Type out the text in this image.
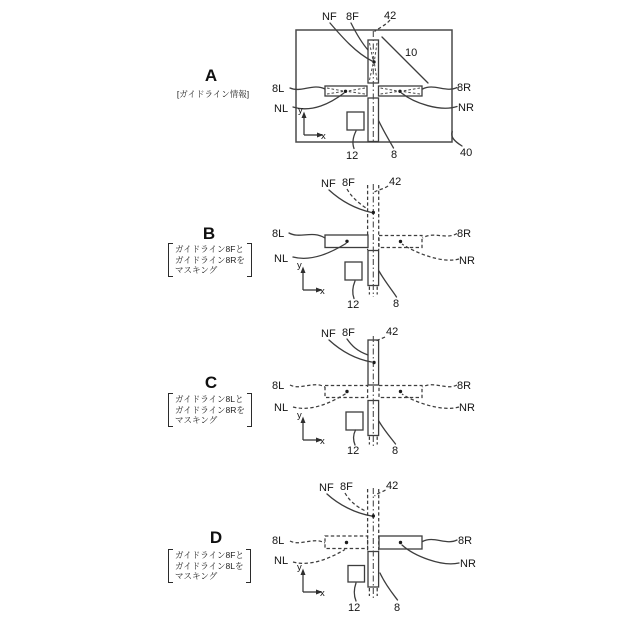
A
B
C
D
[ガイドライン情報]
ガイドライン8Fと
ガイドライン8Rを
マスキング
ガイドライン8Lと
ガイドライン8Rを
マスキング
ガイドライン8Fと
ガイドライン8Lを
マスキング
NF 8F 42
10
8L
NL
8R
NR
12	8	40
y
x
NF 8F	42
8L
NL
8R
NR
12	8
y
x
NF 8F	42
8L
NL
8R
NR
12	8
y
x
NF 8F	42
8L
NL
8R
NR
12	8
y
x
